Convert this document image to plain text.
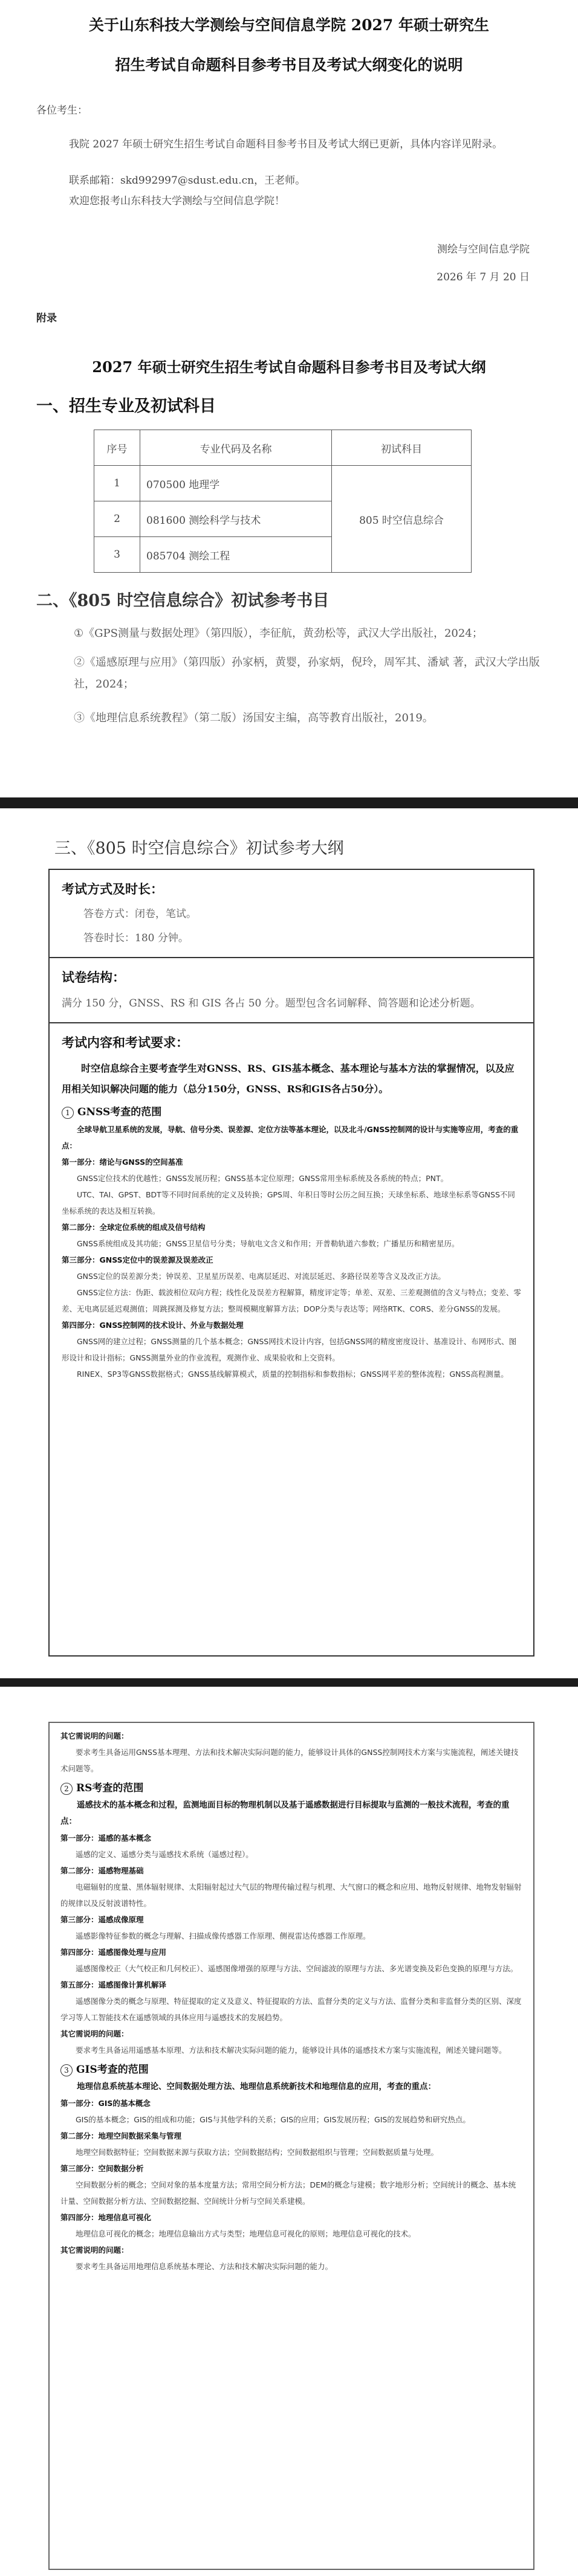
关于山东科技大学测绘与空间信息学院 2027 年硕士研究生
招生考试自命题科目参考书目及考试大纲变化的说明
各位考生：
我院 2027 年硕士研究生招生考试自命题科目参考书目及考试大纲已更新，具体内容详见附录。
联系邮箱：skd992997@sdust.edu.cn，王老师。
欢迎您报考山东科技大学测绘与空间信息学院！
测绘与空间信息学院
2026 年 7 月 20 日
附录
2027 年硕士研究生招生考试自命题科目参考书目及考试大纲
一、招生专业及初试科目
序号	专业代码及名称	初试科目
1	070500 地理学	805 时空信息综合
2	081600 测绘科学与技术	
3	085704 测绘工程	
二、《805 时空信息综合》初试参考书目
①《GPS测量与数据处理》（第四版），李征航，黄劲松等，武汉大学出版社，2024；
②《遥感原理与应用》（第四版）孙家柄，黄婴，孙家炳，倪玲，周军其、潘斌 著，武汉大学出版社，2024；
③《地理信息系统教程》（第二版）汤国安主编，高等教育出版社，2019。
三、《805 时空信息综合》初试参考大纲
考试方式及时长：
答卷方式：闭卷，笔试。
答卷时长：180 分钟。
试卷结构：
满分 150 分，GNSS、RS 和 GIS 各占 50 分。题型包含名词解释、简答题和论述分析题。
考试内容和考试要求：
时空信息综合主要考查学生对GNSS、RS、GIS基本概念、基本理论与基本方法的掌握情况，以及应用相关知识解决问题的能力（总分150分，GNSS、RS和GIS各占50分）。
1 GNSS考查的范围
全球导航卫星系统的发展，导航、信号分类、误差源、定位方法等基本理论，以及北斗/GNSS控制网的设计与实施等应用，考查的重点：
第一部分：绪论与GNSS的空间基准
GNSS定位技术的优越性；GNSS发展历程；GNSS基本定位原理；GNSS常用坐标系统及各系统的特点；PNT。
UTC、TAI、GPST、BDT等不同时间系统的定义及转换；GPS周、年积日等时公历之间互换；天球坐标系、地球坐标系等GNSS不同坐标系统的表达及相互转换。
第二部分：全球定位系统的组成及信号结构
GNSS系统组成及其功能；GNSS卫星信号分类；导航电文含义和作用；开普勒轨道六参数；广播星历和精密星历。
第三部分：GNSS定位中的误差源及误差改正
GNSS定位的误差源分类；钟误差、卫星星历误差、电离层延迟、对流层延迟、多路径误差等含义及改正方法。
GNSS定位方法：伪距、载波相位双向方程；线性化及误差方程解算，精度评定等；单差、双差、三差观测值的含义与特点；变差、零差、无电离层延迟观测值；周跳探测及修复方法；整周模糊度解算方法；DOP分类与表达等；网络RTK、CORS、差分GNSS的发展。
第四部分：GNSS控制网的技术设计、外业与数据处理
GNSS网的建立过程；GNSS测量的几个基本概念；GNSS网技术设计内容，包括GNSS网的精度密度设计、基准设计、布网形式、图形设计和设计指标；GNSS测量外业的作业流程，观测作业、成果验收和上交资料。
RINEX、SP3等GNSS数据格式；GNSS基线解算模式，质量的控制指标和参数指标；GNSS网平差的整体流程；GNSS高程测量。
其它需说明的问题：
要求考生具备运用GNSS基本理理、方法和技术解决实际问题的能力，能够设计具体的GNSS控制网技术方案与实施流程，阐述关键技术问题等。
2 RS考查的范围
遥感技术的基本概念和过程，监测地面目标的物理机制以及基于遥感数据进行目标提取与监测的一般技术流程，考查的重点：
第一部分：遥感的基本概念
遥感的定义、遥感分类与遥感技术系统（遥感过程）。
第二部分：遥感物理基础
电磁辐射的度量、黑体辐射规律、太阳辐射起过大气层的物理传输过程与机理、大气窗口的概念和应用、地物反射规律、地物发射辐射的规律以及反射波谱特性。
第三部分：遥感成像原理
遥感影像特征参数的概念与理解、扫描成像传感器工作原理、侧视雷达传感器工作原理。
第四部分：遥感图像处理与应用
遥感图像校正（大气校正和几何校正）、遥感图像增强的原理与方法、空间滤波的原理与方法、多光谱变换及彩色变换的原理与方法。
第五部分：遥感图像计算机解译
遥感图像分类的概念与原理、特征提取的定义及意义、特征提取的方法、监督分类的定义与方法、监督分类和非监督分类的区别、深度学习等人工智能技术在遥感领域的具体应用与遥感技术的发展趋势。
其它需说明的问题：
要求考生具备运用遥感基本原理、方法和技术解决实际问题的能力，能够设计具体的遥感技术方案与实施流程，阐述关键问题等。
3 GIS考查的范围
地理信息系统基本理论、空间数据处理方法、地理信息系统新技术和地理信息的应用，考查的重点：
第一部分：GIS的基本概念
GIS的基本概念；GIS的组成和功能；GIS与其他学科的关系；GIS的应用；GIS发展历程；GIS的发展趋势和研究热点。
第二部分：地理空间数据采集与管理
地理空间数据特征；空间数据来源与获取方法；空间数据结构；空间数据组织与管理；空间数据质量与处理。
第三部分：空间数据分析
空间数据分析的概念；空间对象的基本度量方法；常用空间分析方法；DEM的概念与建模；数字地形分析；空间统计的概念、基本统计量、空间数据分析方法、空间数据挖掘、空间统计分析与空间关系建模。
第四部分：地理信息可视化
地理信息可视化的概念；地理信息输出方式与类型；地理信息可视化的原则；地理信息可视化的技术。
其它需说明的问题：
要求考生具备运用地理信息系统基本理论、方法和技术解决实际问题的能力。
